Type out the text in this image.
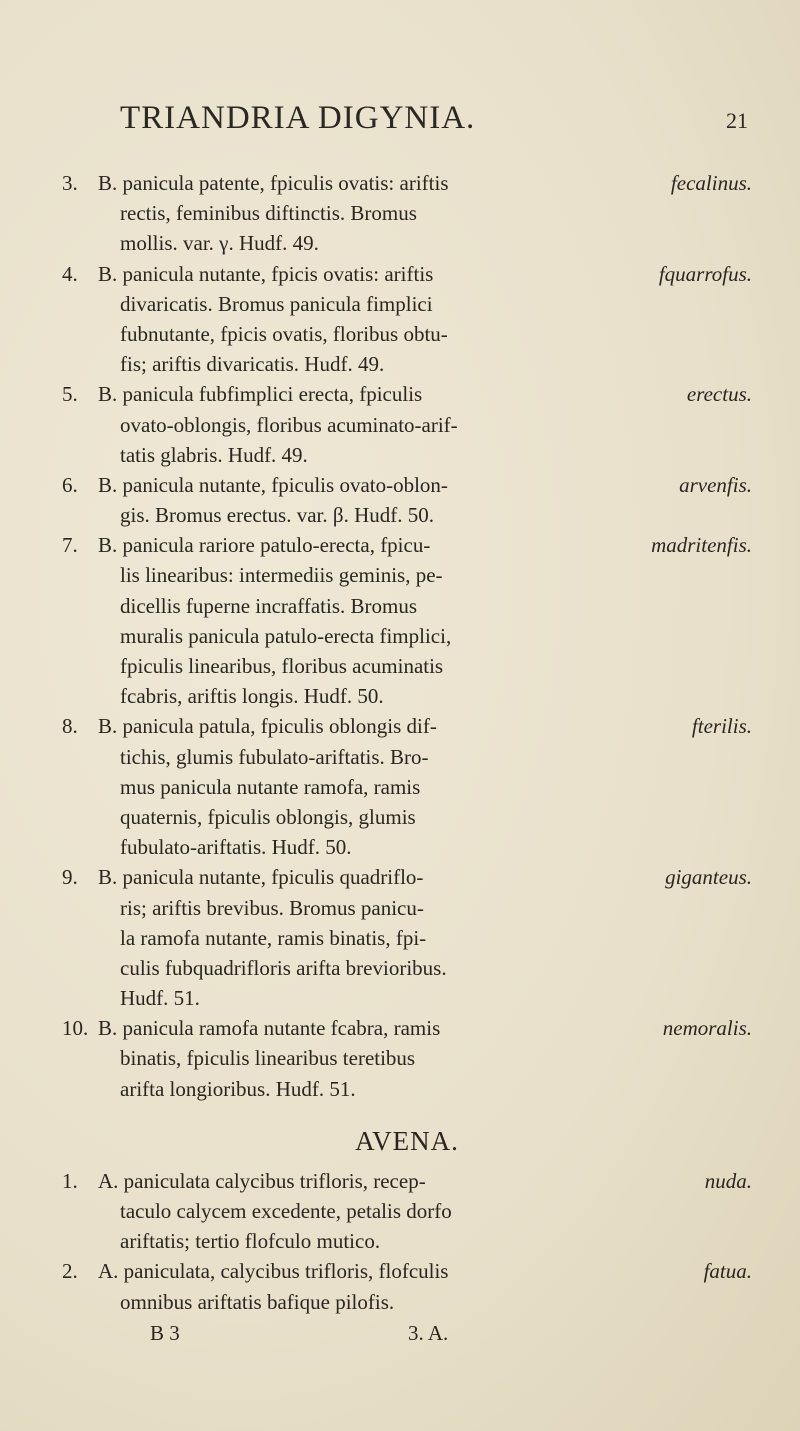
TRIANDRIA DIGYNIA.	21
3.	fecalinus.
B. panicula patente, fpiculis ovatis: ariftis
rectis, feminibus diftinctis. Bromus
mollis. var. γ. Hudf. 49.
4.	fquarrofus.
B. panicula nutante, fpicis ovatis: ariftis
divaricatis. Bromus panicula fimplici
fubnutante, fpicis ovatis, floribus obtu-
fis; ariftis divaricatis. Hudf. 49.
5.	erectus.
B. panicula fubfimplici erecta, fpiculis
ovato-oblongis, floribus acuminato-arif-
tatis glabris. Hudf. 49.
6.	arvenfis.
B. panicula nutante, fpiculis ovato-oblon-
gis. Bromus erectus. var. β. Hudf. 50.
7.	madritenfis.
B. panicula rariore patulo-erecta, fpicu-
lis linearibus: intermediis geminis, pe-
dicellis fuperne incraffatis. Bromus
muralis panicula patulo-erecta fimplici,
fpiculis linearibus, floribus acuminatis
fcabris, ariftis longis. Hudf. 50.
8.	fterilis.
B. panicula patula, fpiculis oblongis dif-
tichis, glumis fubulato-ariftatis. Bro-
mus panicula nutante ramofa, ramis
quaternis, fpiculis oblongis, glumis
fubulato-ariftatis. Hudf. 50.
9.	giganteus.
B. panicula nutante, fpiculis quadriflo-
ris; ariftis brevibus. Bromus panicu-
la ramofa nutante, ramis binatis, fpi-
culis fubquadrifloris arifta brevioribus.
Hudf. 51.
10.	nemoralis.
B. panicula ramofa nutante fcabra, ramis
binatis, fpiculis linearibus teretibus
arifta longioribus. Hudf. 51.
AVENA.
1.	nuda.
A. paniculata calycibus trifloris, recep-
taculo calycem excedente, petalis dorfo
ariftatis; tertio flofculo mutico.
2.	fatua.
A. paniculata, calycibus trifloris, flofculis
omnibus ariftatis bafique pilofis.
B 3	3. A.
